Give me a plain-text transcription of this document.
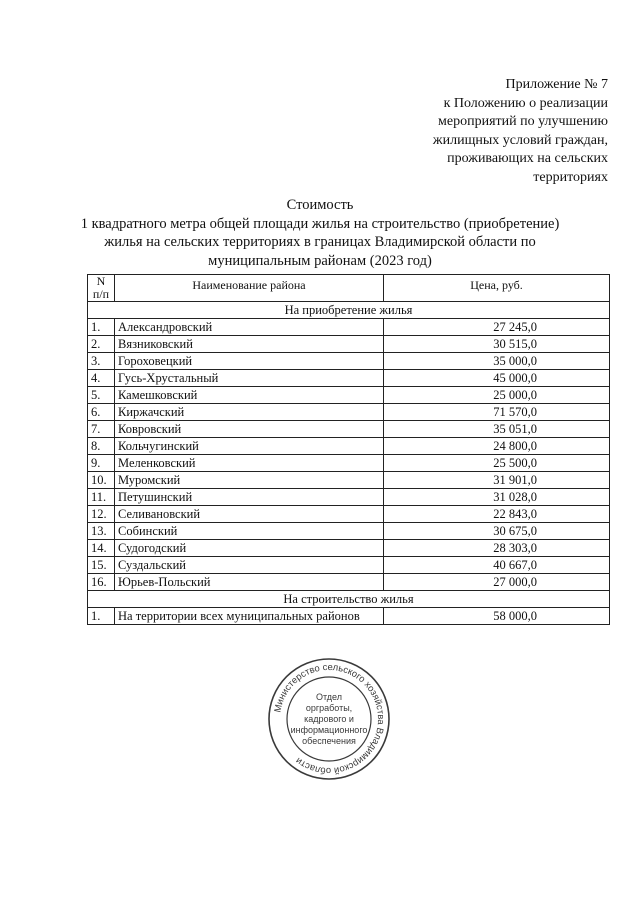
Приложение № 7
к Положению о реализации
мероприятий по улучшению
жилищных условий граждан,
проживающих на сельских
территориях
Стоимость
1 квадратного метра общей площади жилья на строительство (приобретение)
жилья на сельских территориях в границах Владимирской области по
муниципальным районам (2023 год)
N
п/п	Наименование района	Цена, руб.
На приобретение жилья		
1.	Александровский	27 245,0
2.	Вязниковский	30 515,0
3.	Гороховецкий	35 000,0
4.	Гусь-Хрустальный	45 000,0
5.	Камешковский	25 000,0
6.	Киржачский	71 570,0
7.	Ковровский	35 051,0
8.	Кольчугинский	24 800,0
9.	Меленковский	25 500,0
10.	Муромский	31 901,0
11.	Петушинский	31 028,0
12.	Селивановский	22 843,0
13.	Собинский	30 675,0
14.	Судогодский	28 303,0
15.	Суздальский	40 667,0
16.	Юрьев-Польский	27 000,0
На строительство жилья		
1.	На территории всех муниципальных районов	58 000,0
Министерство сельского хозяйства Владимирской области
Отдел
оргработы,
кадрового и
информационного
обеспечения
